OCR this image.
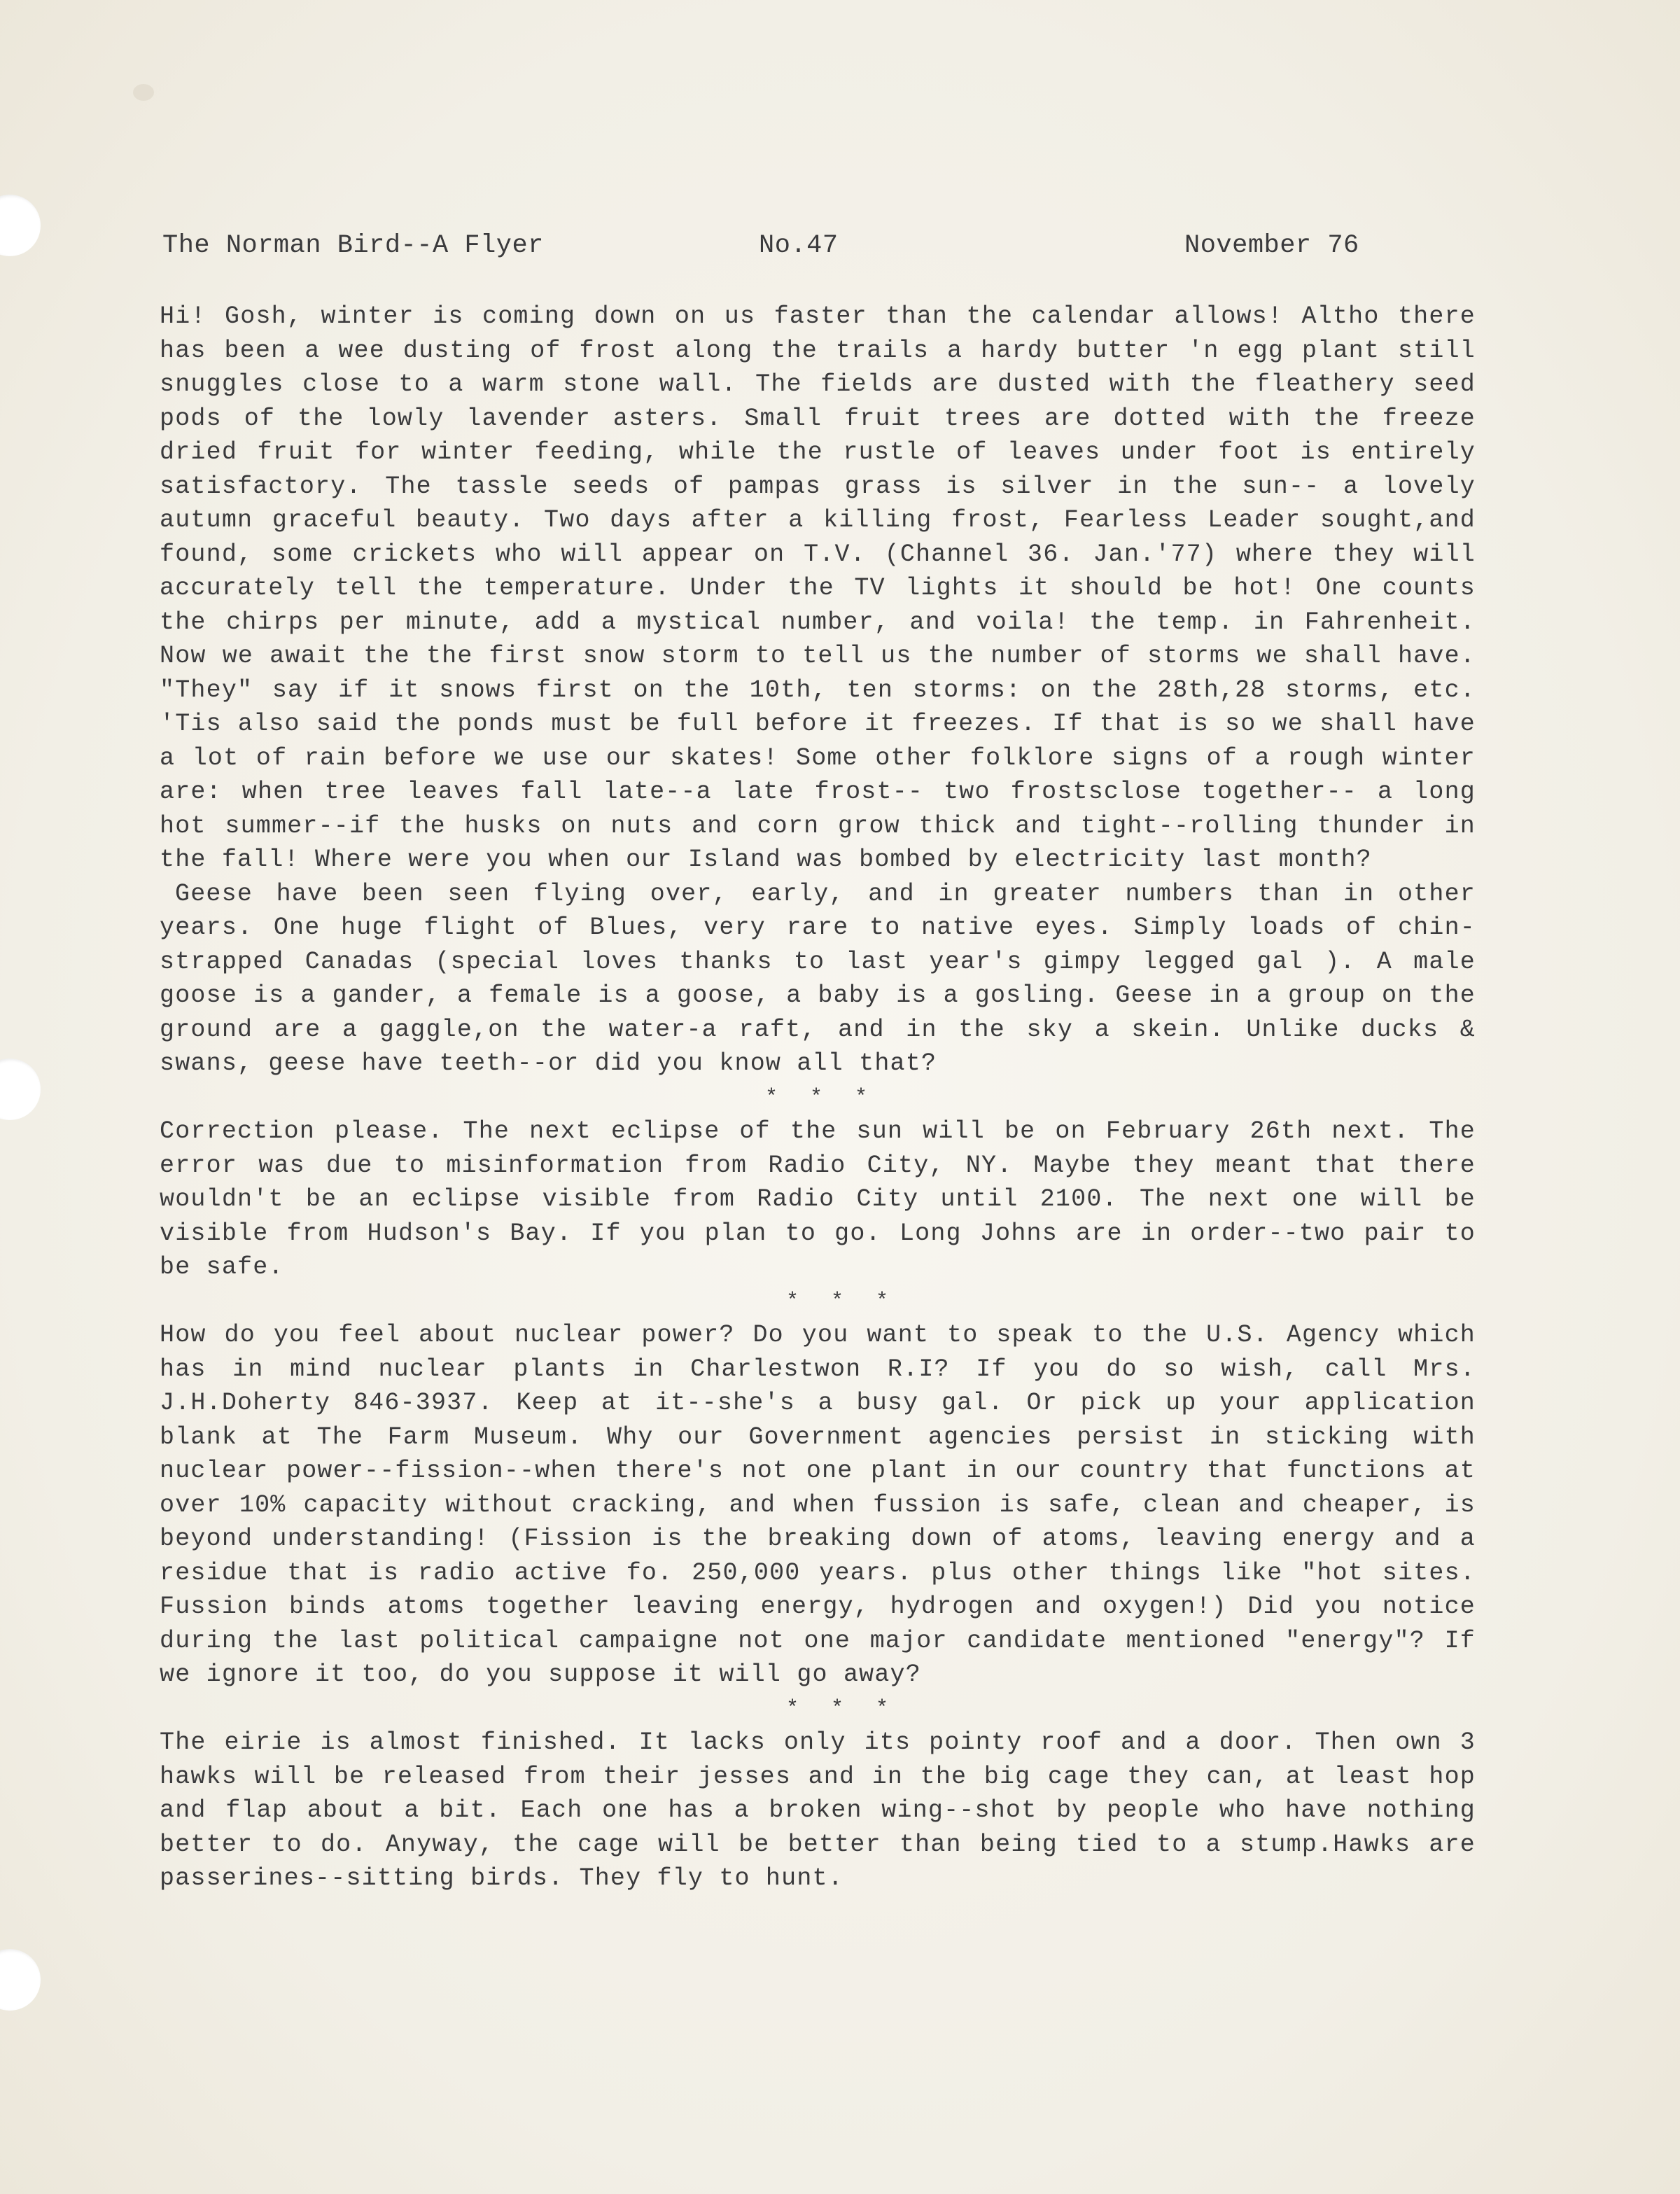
The Norman Bird--A Flyer	No.47	November 76

Hi! Gosh, winter is coming down on us faster than the calendar allows! Altho there has been a wee dusting of frost along the trails a hardy butter 'n egg plant still snuggles close to a warm stone wall. The fields are dusted with the fleathery seed pods of the lowly lavender asters. Small fruit trees are dotted with the freeze dried fruit for winter feeding, while the rustle of leaves under foot is entirely satisfactory. The tassle seeds of pampas grass is silver in the sun-- a lovely autumn graceful beauty. Two days after a killing frost, Fearless Leader sought,and found, some crickets who will appear on T.V. (Channel 36. Jan.'77) where they will accurately tell the temperature. Under the TV lights it should be hot! One counts the chirps per minute, add a mystical number, and voila! the temp. in Fahrenheit. Now we await the the first snow storm to tell us the number of storms we shall have. "They" say if it snows first on the 10th, ten storms: on the 28th,28 storms, etc. 'Tis also said the ponds must be full before it freezes. If that is so we shall have a lot of rain before we use our skates! Some other folklore signs of a rough winter are: when tree leaves fall late--a late frost-- two frostsclose together-- a long hot summer--if the husks on nuts and corn grow thick and tight--rolling thunder in the fall! Where were you when our Island was bombed by electricity last month?

Geese have been seen flying over, early, and in greater numbers than in other years. One huge flight of Blues, very rare to native eyes. Simply loads of chin-strapped Canadas (special loves thanks to last year's gimpy legged gal ). A male goose is a gander, a female is a goose, a baby is a gosling. Geese in a group on the ground are a gaggle,on the water-a raft, and in the sky a skein. Unlike ducks & swans, geese have teeth--or did you know all that?

* * *

Correction please. The next eclipse of the sun will be on February 26th next. The error was due to misinformation from Radio City, NY. Maybe they meant that there wouldn't be an eclipse visible from Radio City until 2100. The next one will be visible from Hudson's Bay. If you plan to go. Long Johns are in order--two pair to be safe.

* * *

How do you feel about nuclear power? Do you want to speak to the U.S. Agency which has in mind nuclear plants in Charlestwon R.I? If you do so wish, call Mrs. J.H.Doherty 846-3937. Keep at it--she's a busy gal. Or pick up your application blank at The Farm Museum. Why our Government agencies persist in sticking with nuclear power--fission--when there's not one plant in our country that functions at over 10% capacity without cracking, and when fussion is safe, clean and cheaper, is beyond understanding! (Fission is the breaking down of atoms, leaving energy and a residue that is radio active fo. 250,000 years. plus other things like "hot sites. Fussion binds atoms together leaving energy, hydrogen and oxygen!) Did you notice during the last political campaigne not one major candidate mentioned "energy"? If we ignore it too, do you suppose it will go away?

* * *

The eirie is almost finished. It lacks only its pointy roof and a door. Then own 3 hawks will be released from their jesses and in the big cage they can, at least hop and flap about a bit. Each one has a broken wing--shot by people who have nothing better to do. Anyway, the cage will be better than being tied to a stump.Hawks are passerines--sitting birds. They fly to hunt.
